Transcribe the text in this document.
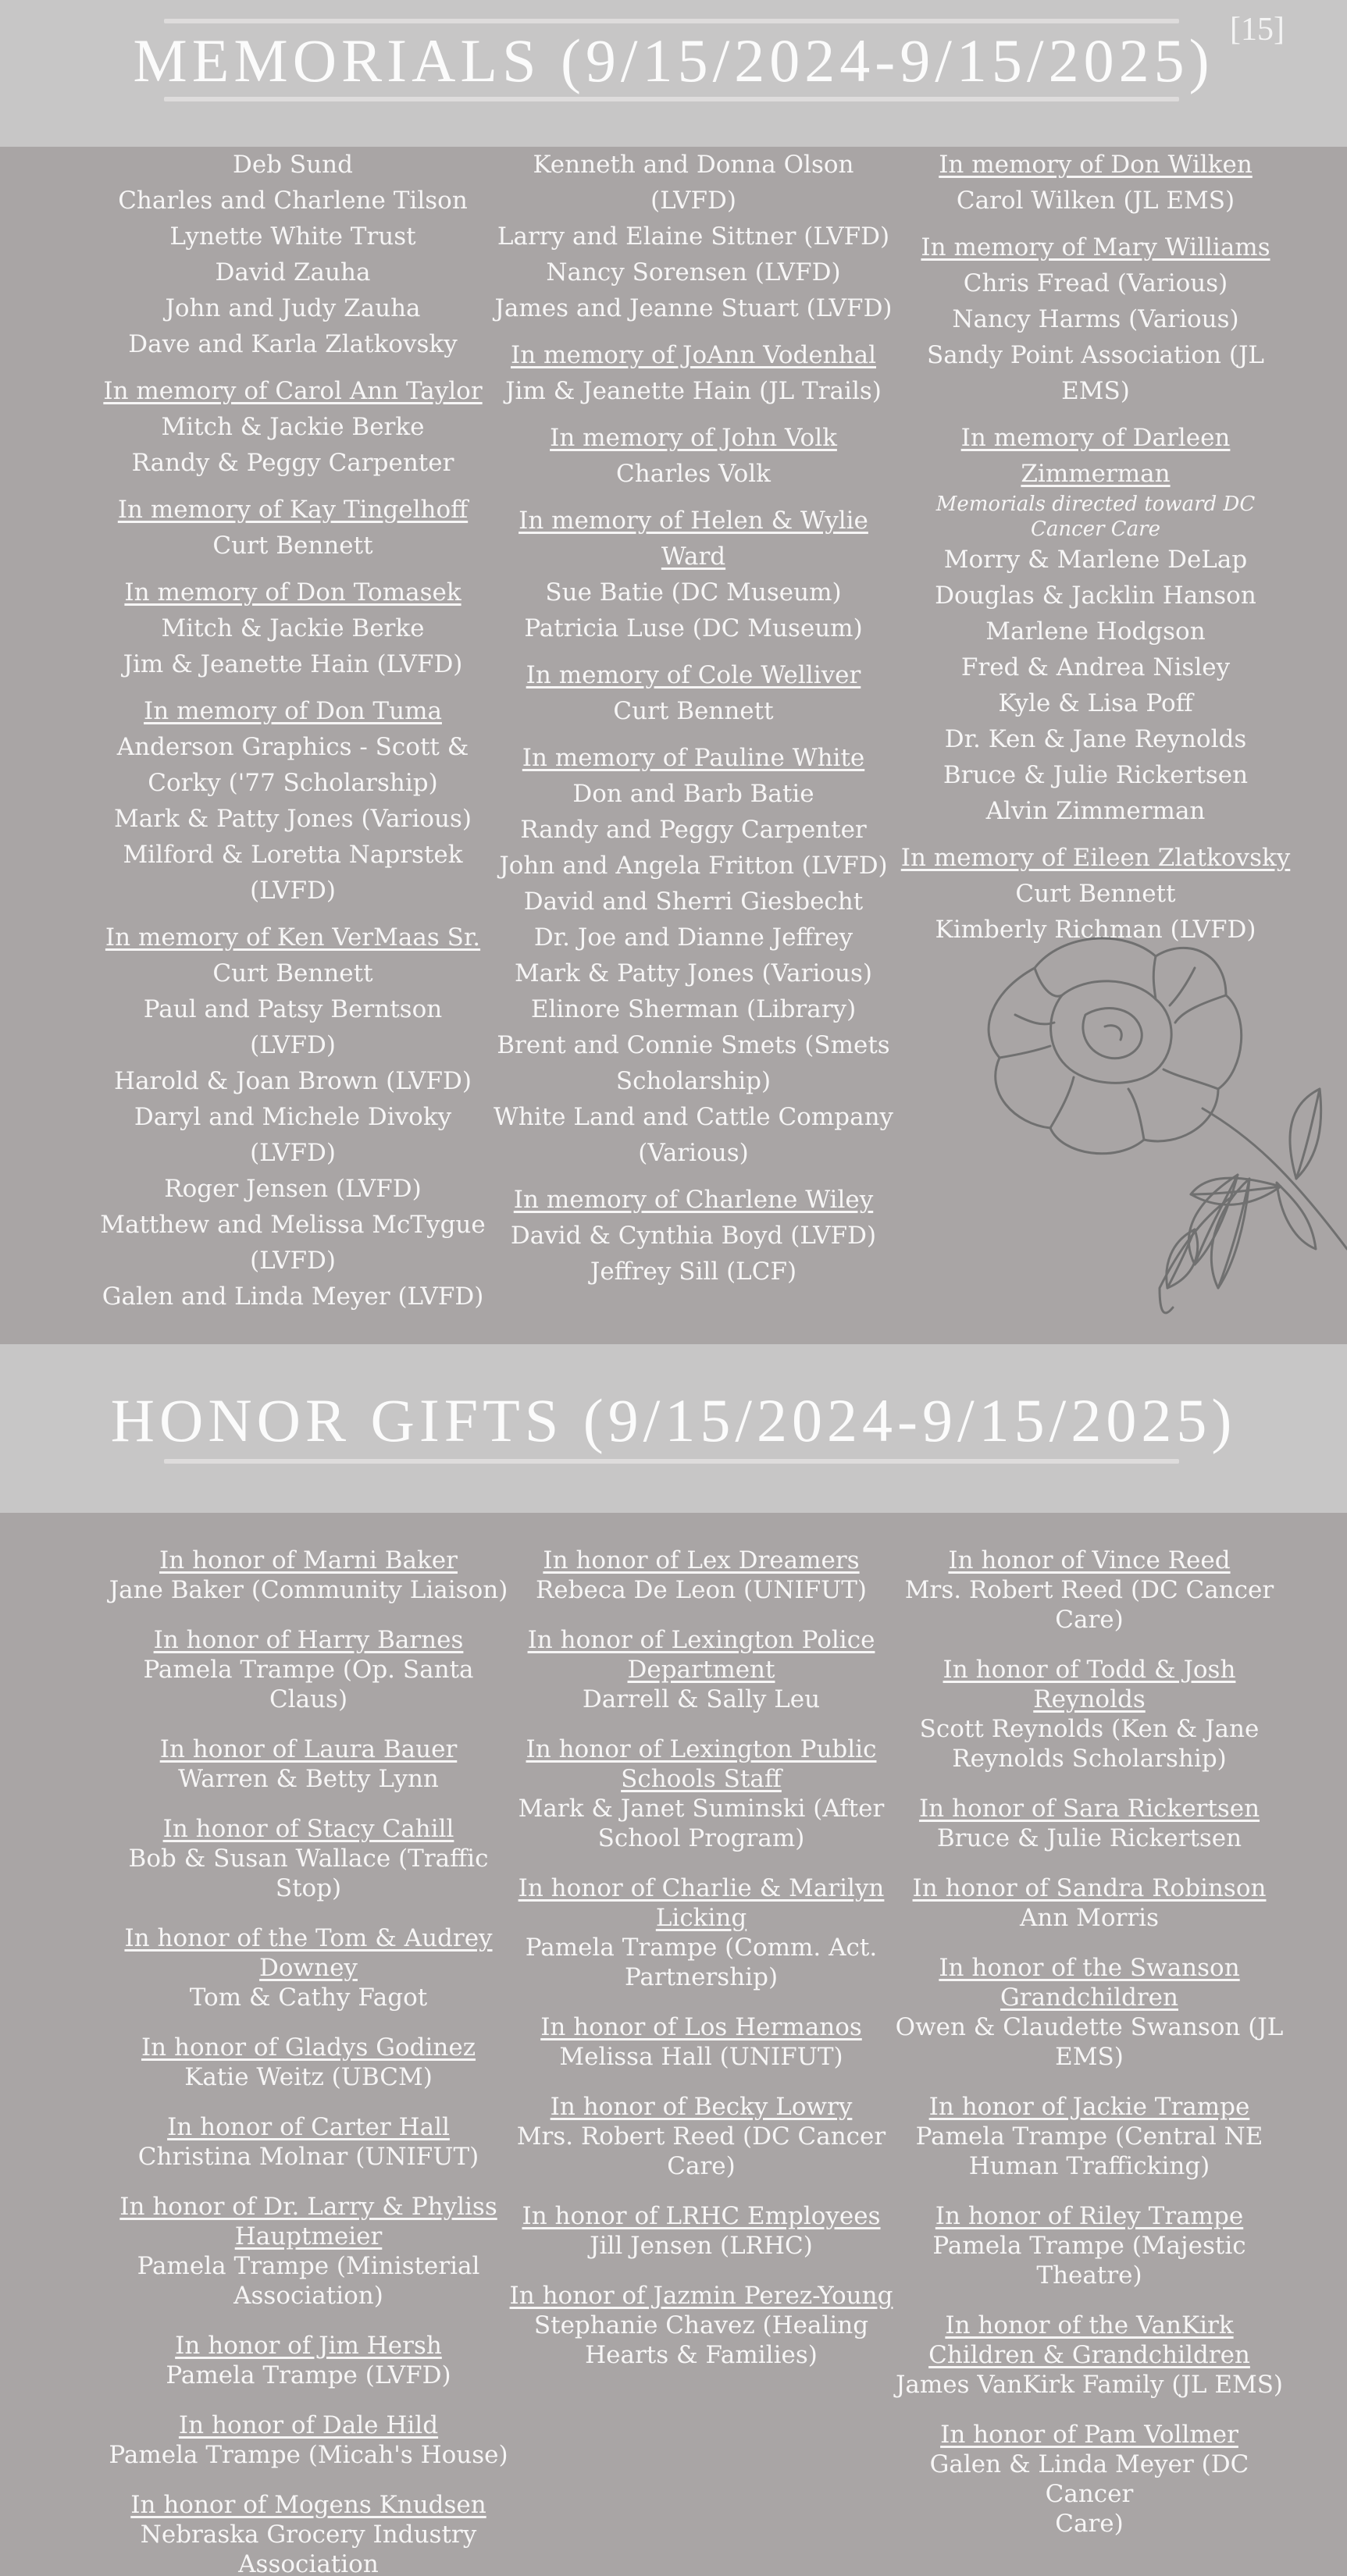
MEMORIALS (9/15/2024-9/15/2025) [15]
Deb Sund
Charles and Charlene Tilson
Lynette White Trust
David Zauha
John and Judy Zauha
Dave and Karla Zlatkovsky
In memory of Carol Ann Taylor
Mitch & Jackie Berke
Randy & Peggy Carpenter
In memory of Kay Tingelhoff
Curt Bennett
In memory of Don Tomasek
Mitch & Jackie Berke
Jim & Jeanette Hain (LVFD)
In memory of Don Tuma
Anderson Graphics - Scott &
Corky ('77 Scholarship)
Mark & Patty Jones (Various)
Milford & Loretta Naprstek
(LVFD)
In memory of Ken VerMaas Sr.
Curt Bennett
Paul and Patsy Berntson (LVFD)
Harold & Joan Brown (LVFD)
Daryl and Michele Divoky
(LVFD)
Roger Jensen (LVFD)
Matthew and Melissa McTygue
(LVFD)
Galen and Linda Meyer (LVFD)
Kenneth and Donna Olson (LVFD)
Larry and Elaine Sittner (LVFD)
Nancy Sorensen (LVFD)
James and Jeanne Stuart (LVFD)
In memory of JoAnn Vodenhal
Jim & Jeanette Hain (JL Trails)
In memory of John Volk
Charles Volk
In memory of Helen & Wylie Ward
Sue Batie (DC Museum)
Patricia Luse (DC Museum)
In memory of Cole Welliver
Curt Bennett
In memory of Pauline White
Don and Barb Batie
Randy and Peggy Carpenter
John and Angela Fritton (LVFD)
David and Sherri Giesbecht
Dr. Joe and Dianne Jeffrey
Mark & Patty Jones (Various)
Elinore Sherman (Library)
Brent and Connie Smets (Smets
Scholarship)
White Land and Cattle Company
(Various)
In memory of Charlene Wiley
David & Cynthia Boyd (LVFD)
Jeffrey Sill (LCF)
In memory of Don Wilken
Carol Wilken (JL EMS)
In memory of Mary Williams
Chris Fread (Various)
Nancy Harms (Various)
Sandy Point Association (JL EMS)
In memory of Darleen Zimmerman
Memorials directed toward DC Cancer Care
Morry & Marlene DeLap
Douglas & Jacklin Hanson
Marlene Hodgson
Fred & Andrea Nisley
Kyle & Lisa Poff
Dr. Ken & Jane Reynolds
Bruce & Julie Rickertsen
Alvin Zimmerman
In memory of Eileen Zlatkovsky
Curt Bennett
Kimberly Richman (LVFD)
HONOR GIFTS (9/15/2024-9/15/2025)
In honor of Marni Baker
Jane Baker (Community Liaison)
In honor of Harry Barnes
Pamela Trampe (Op. Santa Claus)
In honor of Laura Bauer
Warren & Betty Lynn
In honor of Stacy Cahill
Bob & Susan Wallace (Traffic Stop)
In honor of the Tom & Audrey Downey
Tom & Cathy Fagot
In honor of Gladys Godinez
Katie Weitz (UBCM)
In honor of Carter Hall
Christina Molnar (UNIFUT)
In honor of Dr. Larry & Phyliss Hauptmeier
Pamela Trampe (Ministerial
Association)
In honor of Jim Hersh
Pamela Trampe (LVFD)
In honor of Dale Hild
Pamela Trampe (Micah's House)
In honor of Mogens Knudsen
Nebraska Grocery Industry
Association
In honor of Lex Dreamers
Rebeca De Leon (UNIFUT)
In honor of Lexington Police Department
Darrell & Sally Leu
In honor of Lexington Public Schools Staff
Mark & Janet Suminski (After
School Program)
In honor of Charlie & Marilyn Licking
Pamela Trampe (Comm. Act.
Partnership)
In honor of Los Hermanos
Melissa Hall (UNIFUT)
In honor of Becky Lowry
Mrs. Robert Reed (DC Cancer
Care)
In honor of LRHC Employees
Jill Jensen (LRHC)
In honor of Jazmin Perez-Young
Stephanie Chavez (Healing
Hearts & Families)
In honor of Vince Reed
Mrs. Robert Reed (DC Cancer
Care)
In honor of Todd & Josh Reynolds
Scott Reynolds (Ken & Jane
Reynolds Scholarship)
In honor of Sara Rickertsen
Bruce & Julie Rickertsen
In honor of Sandra Robinson
Ann Morris
In honor of the Swanson Grandchildren
Owen & Claudette Swanson (JL
EMS)
In honor of Jackie Trampe
Pamela Trampe (Central NE
Human Trafficking)
In honor of Riley Trampe
Pamela Trampe (Majestic
Theatre)
In honor of the VanKirk Children & Grandchildren
James VanKirk Family (JL EMS)
In honor of Pam Vollmer
Galen & Linda Meyer (DC Cancer
Care)
